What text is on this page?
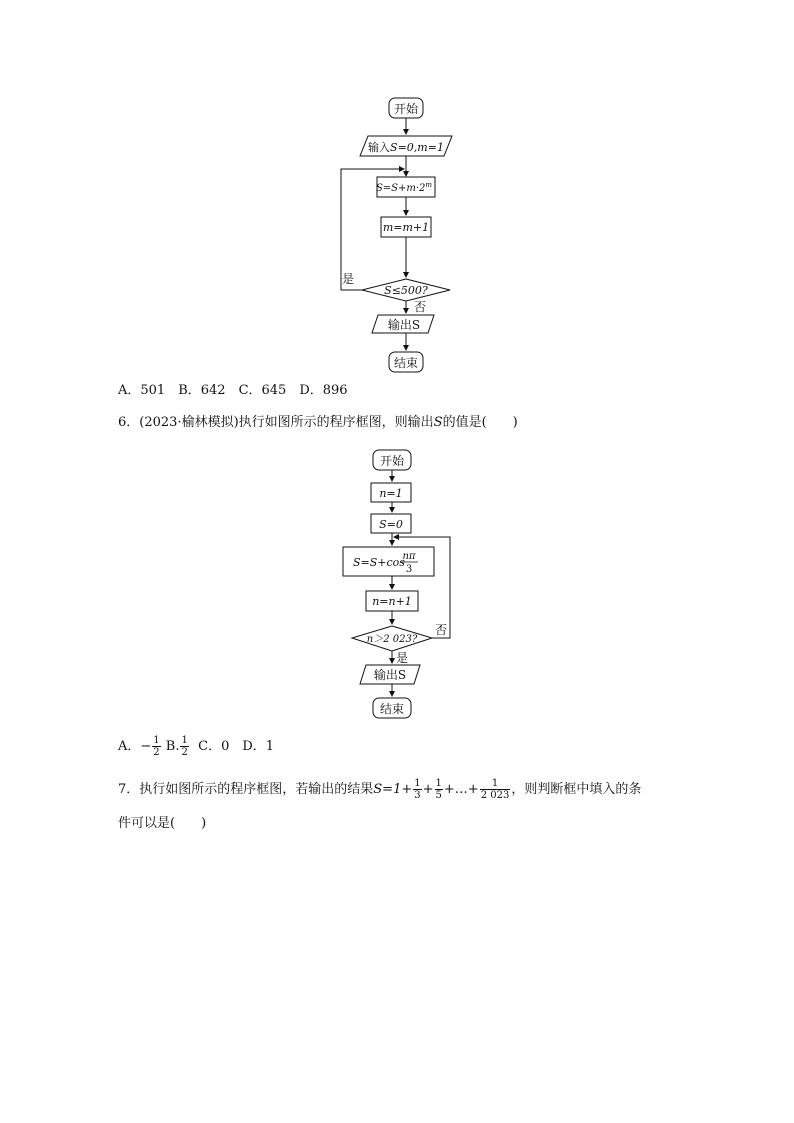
开始
输入S=0,m=1
$S=S+m\cdot 2^m$
m=m+1
S≤500?
是
否
输出S
结束
A．501　B．642　C．645　D．896
6．(2023·榆林模拟)执行如图所示的程序框图，则输出S的值是(　　)
开始
n=1
S=0
S=S+cos
nπ
3
n=n+1
n＞2 023?
否
是
输出S
结束
A．− $\frac{1}{2} B$. $\frac{1}{2}$ C．0　D．1
7．执行如图所示的程序框图，若输出的结果$S=1+ \frac{1}{3} + \frac{1}{5}$ +…+ $\frac{1}{2 023}$ ，则判断框中填入的条
件可以是(　　)
